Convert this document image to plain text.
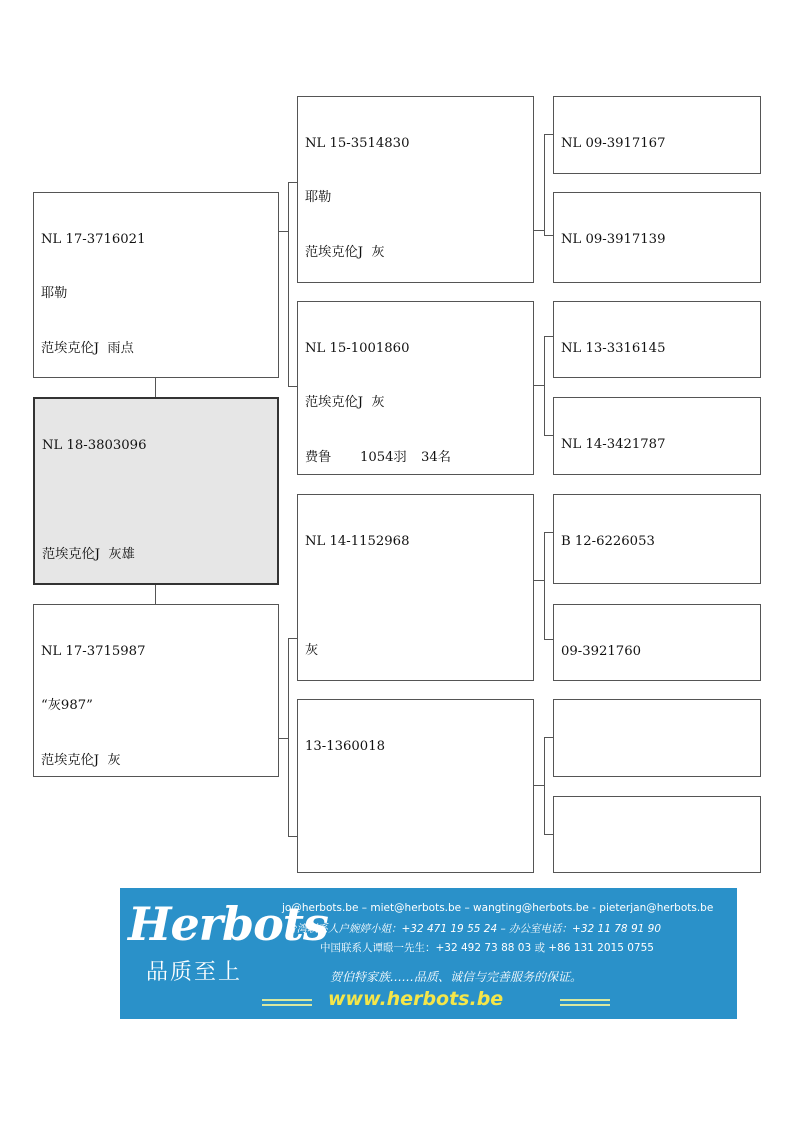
NL 17-3716021

耶勒

范埃克伦J  雨点

NL 18-3803096

范埃克伦J  灰雄

NL 17-3715987

“灰987”

范埃克伦J  灰

NL 15-3514830

耶勒

范埃克伦J  灰

NL 15-1001860

范埃克伦J  灰

费鲁 1054羽 34名

NL 14-1152968

灰

13-1360018

NL 09-3917167

NL 09-3917139

NL 13-3316145

NL 14-3421787

B 12-6226053

09-3921760

Herbots
品质至上
jo@herbots.be – miet@herbots.be – wangting@herbots.be - pieterjan@herbots.be
台湾联系人户婉婷小姐：+32 471 19 55 24 – 办公室电话：+32 11 78 91 90
中国联系人谭暻一先生：+32 492 73 88 03 或 +86 131 2015 0755
贺伯特家族……品质、诚信与完善服务的保证。
www.herbots.be
